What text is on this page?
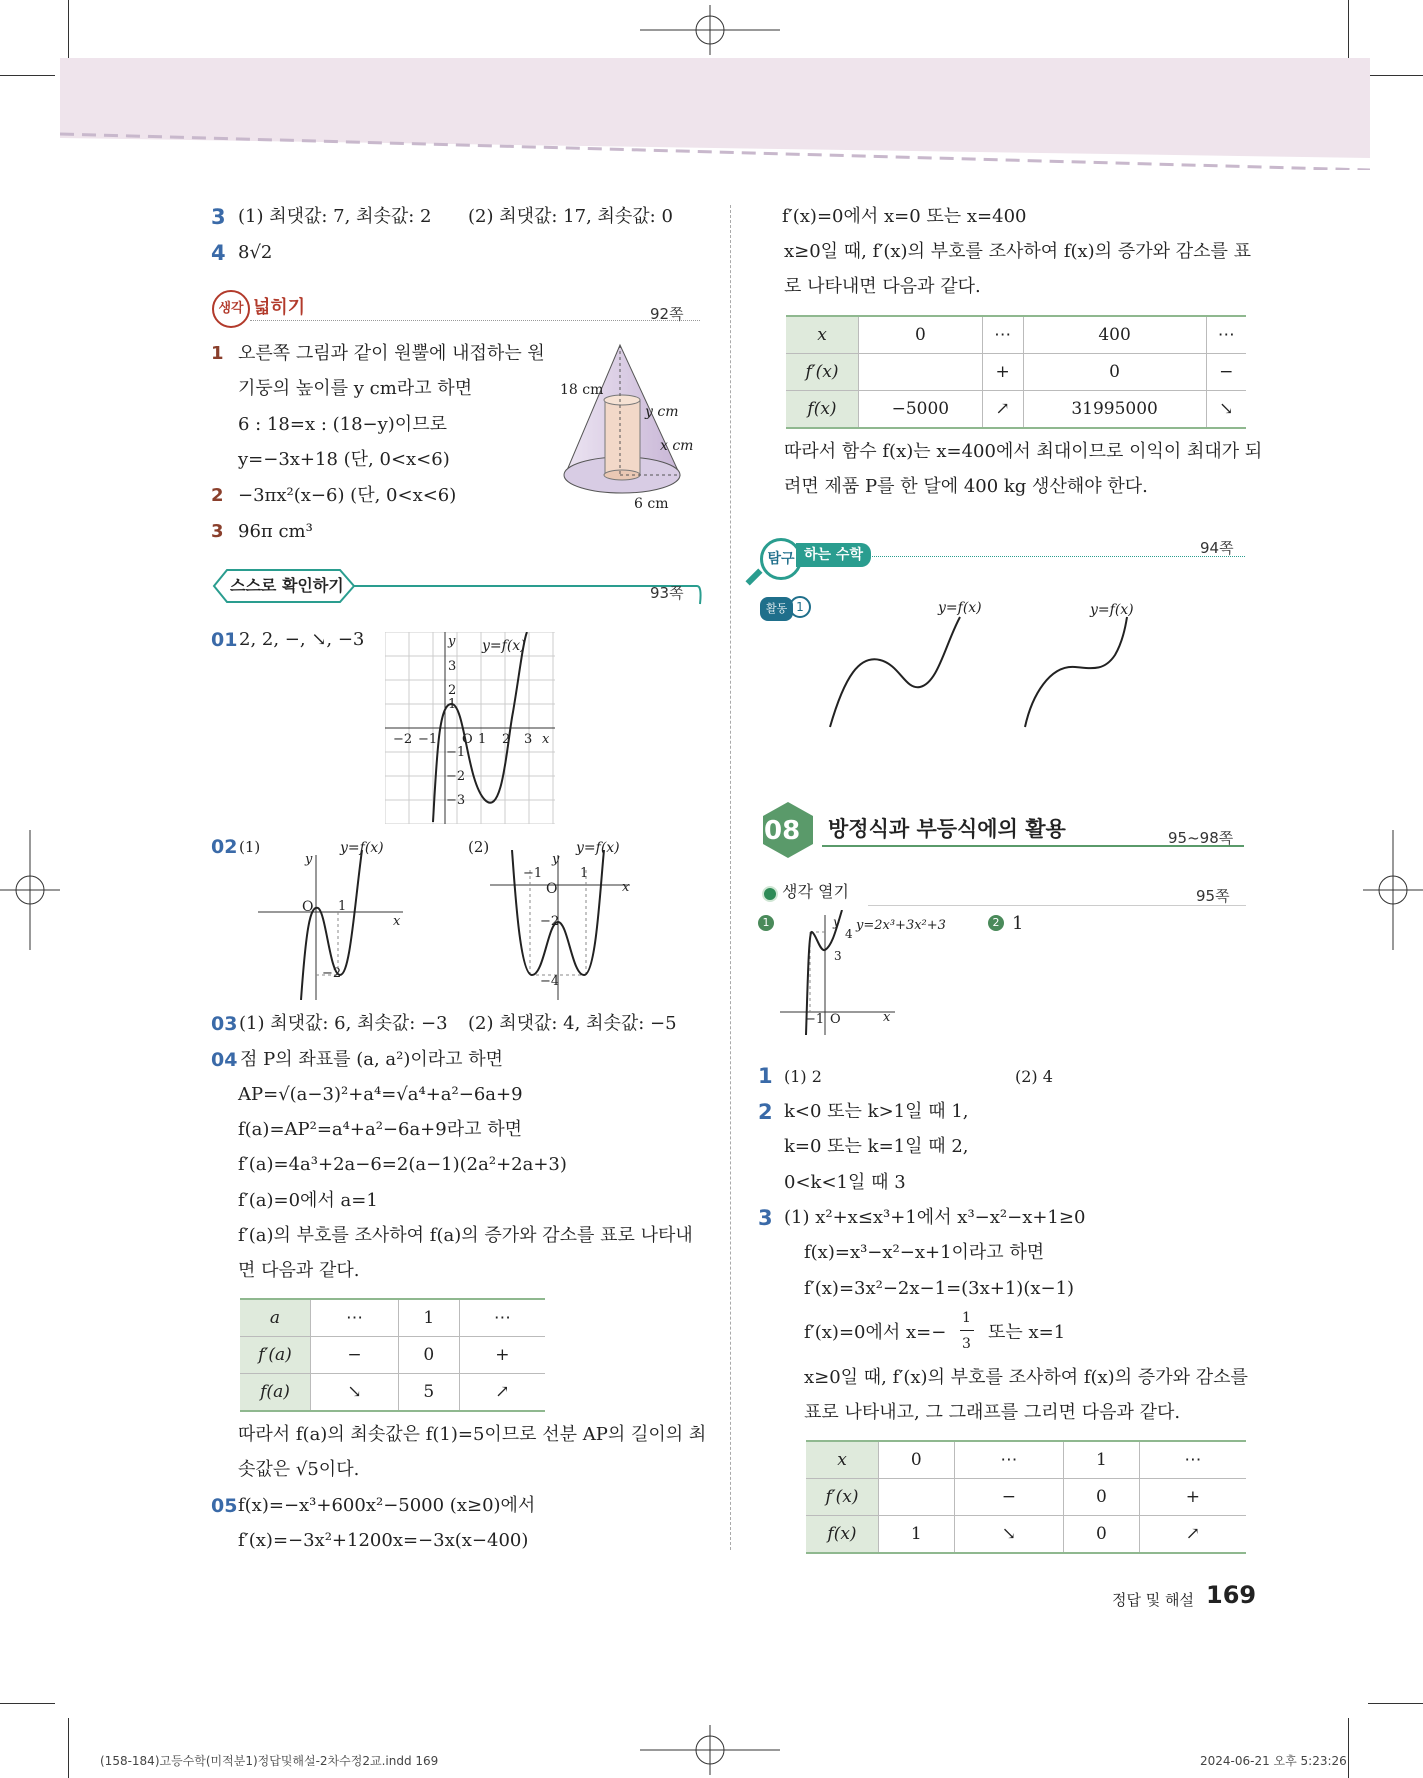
3 (1) 최댓값: 7, 최솟값: 2 (2) 최댓값: 17, 최솟값: 0
4 8√2
생각 넓히기	92쪽
1 오른쪽 그림과 같이 원뿔에 내접하는 원
기둥의 높이를 y cm라고 하면
6 : 18=x : (18−y)이므로
y=−3x+18 (단, 0<x<6)
2 −3πx²(x−6) (단, 0<x<6)
3 96π cm³
18 cm
y cm
x cm
6 cm
스스로 확인하기	93쪽
01 2, 2, −, ↘, −3	y=f(x)
3
2
1
−2 −1 O 1 2 3
−1
−2
−3
x
y
02 (1)	(2)
y=f(x)	y=f(x)
y
O 1
−2
x
y
−1
O
1
−2
−4
x
03 (1) 최댓값: 6, 최솟값: −3 (2) 최댓값: 4, 최솟값: −5
04 점 P의 좌표를 (a, a²)이라고 하면
AP=√(a−3)²+a⁴=√a⁴+a²−6a+9
f(a)=AP²=a⁴+a²−6a+9라고 하면
f′(a)=4a³+2a−6=2(a−1)(2a²+2a+3)
f′(a)=0에서 a=1
f′(a)의 부호를 조사하여 f(a)의 증가와 감소를 표로 나타내
면 다음과 같다.
a	⋯	1	⋯
f′(a)	−	0	+
f(a)	↘	5	↗
따라서 f(a)의 최솟값은 f(1)=5이므로 선분 AP의 길이의 최
솟값은 √5이다.
05 f(x)=−x³+600x²−5000 (x≥0)에서
f′(x)=−3x²+1200x=−3x(x−400)
f′(x)=0에서 x=0 또는 x=400
x≥0일 때, f′(x)의 부호를 조사하여 f(x)의 증가와 감소를 표
로 나타내면 다음과 같다.
x	0	⋯	400	⋯
f′(x)		+	0	−
f(x)	−5000	↗	31995000	↘
따라서 함수 f(x)는 x=400에서 최대이므로 이익이 최대가 되
려면 제품 P를 한 달에 400 kg 생산해야 한다.
탐구 하는 수학	94쪽
활동 1	y=f(x)	y=f(x)
08 방정식과 부등식에의 활용	95~98쪽
생각 열기	95쪽
1	2 1
y=2x³+3x²+3
y
4
3
−1 O	x
1 (1) 2	(2) 4
2 k<0 또는 k>1일 때 1,
k=0 또는 k=1일 때 2,
0<k<1일 때 3
3 (1) x²+x≤x³+1에서 x³−x²−x+1≥0
f(x)=x³−x²−x+1이라고 하면
f′(x)=3x²−2x−1=(3x+1)(x−1)
f′(x)=0에서 x=−
1
3
또는 x=1
x≥0일 때, f′(x)의 부호를 조사하여 f(x)의 증가와 감소를
표로 나타내고, 그 그래프를 그리면 다음과 같다.
x	0	⋯	1	⋯
f′(x)		−	0	+
f(x)	1	↘	0	↗
정답 및 해설 169
(158-184)고등수학(미적분1)정답및해설-2차수정2교.indd 169	2024-06-21 오후 5:23:26
